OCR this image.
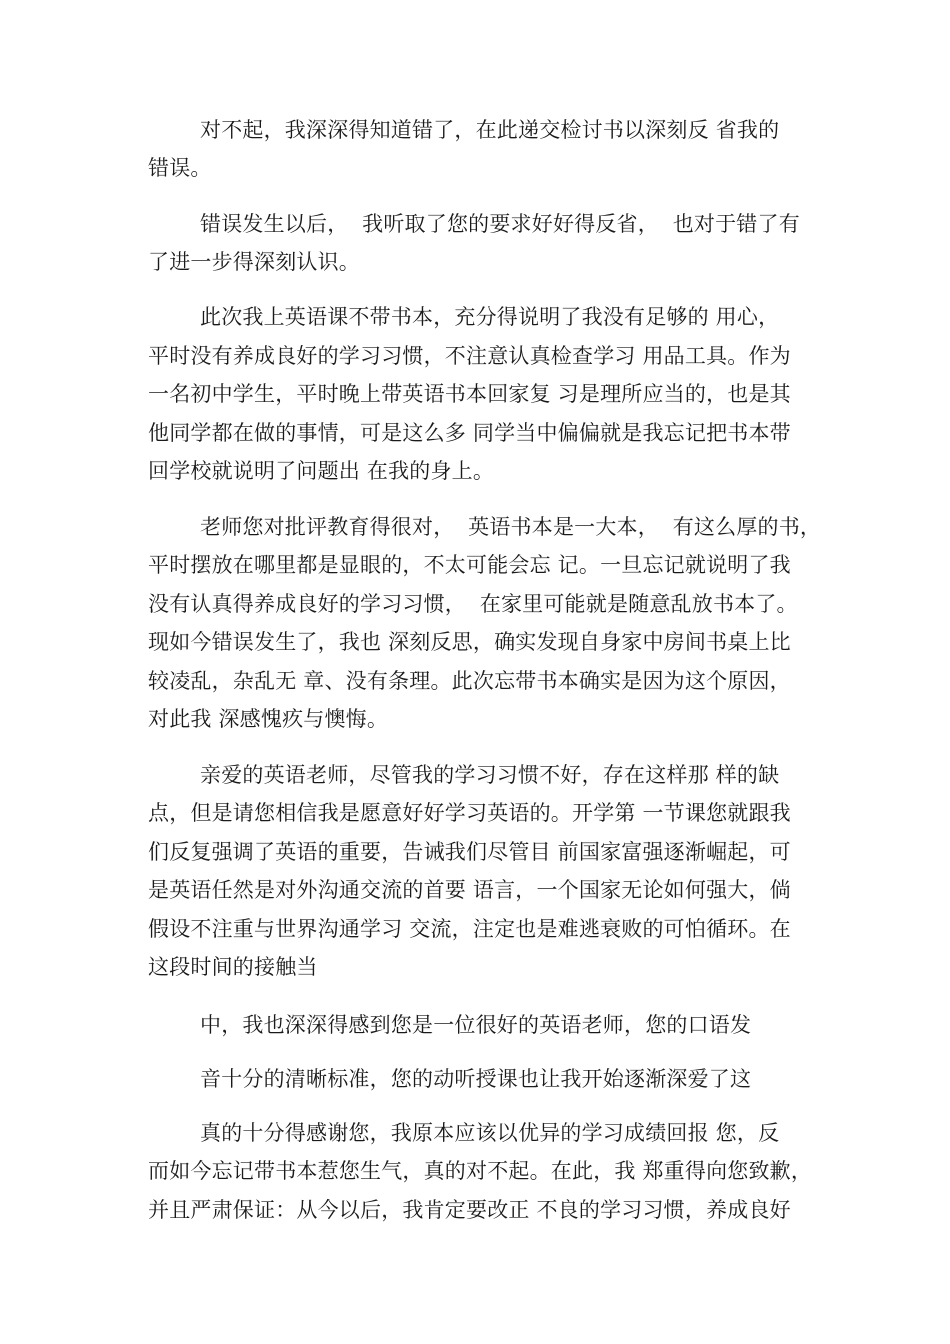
对不起，我深深得知道错了，在此递交检讨书以深刻反 省我的
错误。
错误发生以后，  我听取了您的要求好好得反省，  也对于错了有
了进一步得深刻认识。
此次我上英语课不带书本，充分得说明了我没有足够的 用心，
平时没有养成良好的学习习惯，不注意认真检查学习 用品工具。作为
一名初中学生，平时晚上带英语书本回家复 习是理所应当的，也是其
他同学都在做的事情，可是这么多 同学当中偏偏就是我忘记把书本带
回学校就说明了问题出 在我的身上。
老师您对批评教育得很对，  英语书本是一大本，  有这么厚的书，
平时摆放在哪里都是显眼的，不太可能会忘 记。一旦忘记就说明了我
没有认真得养成良好的学习习惯，  在家里可能就是随意乱放书本了。
现如今错误发生了，我也 深刻反思，确实发现自身家中房间书桌上比
较凌乱，杂乱无 章、没有条理。此次忘带书本确实是因为这个原因，
对此我 深感愧疚与懊悔。
亲爱的英语老师，尽管我的学习习惯不好，存在这样那 样的缺
点，但是请您相信我是愿意好好学习英语的。开学第 一节课您就跟我
们反复强调了英语的重要，告诫我们尽管目 前国家富强逐渐崛起，可
是英语任然是对外沟通交流的首要 语言，一个国家无论如何强大，倘
假设不注重与世界沟通学习 交流，注定也是难逃衰败的可怕循环。在
这段时间的接触当
中，我也深深得感到您是一位很好的英语老师，您的口语发
音十分的清晰标准，您的动听授课也让我开始逐渐深爱了这
真的十分得感谢您，我原本应该以优异的学习成绩回报 您，反
而如今忘记带书本惹您生气，真的对不起。在此，我 郑重得向您致歉，
并且严肃保证：从今以后，我肯定要改正 不良的学习习惯，养成良好
